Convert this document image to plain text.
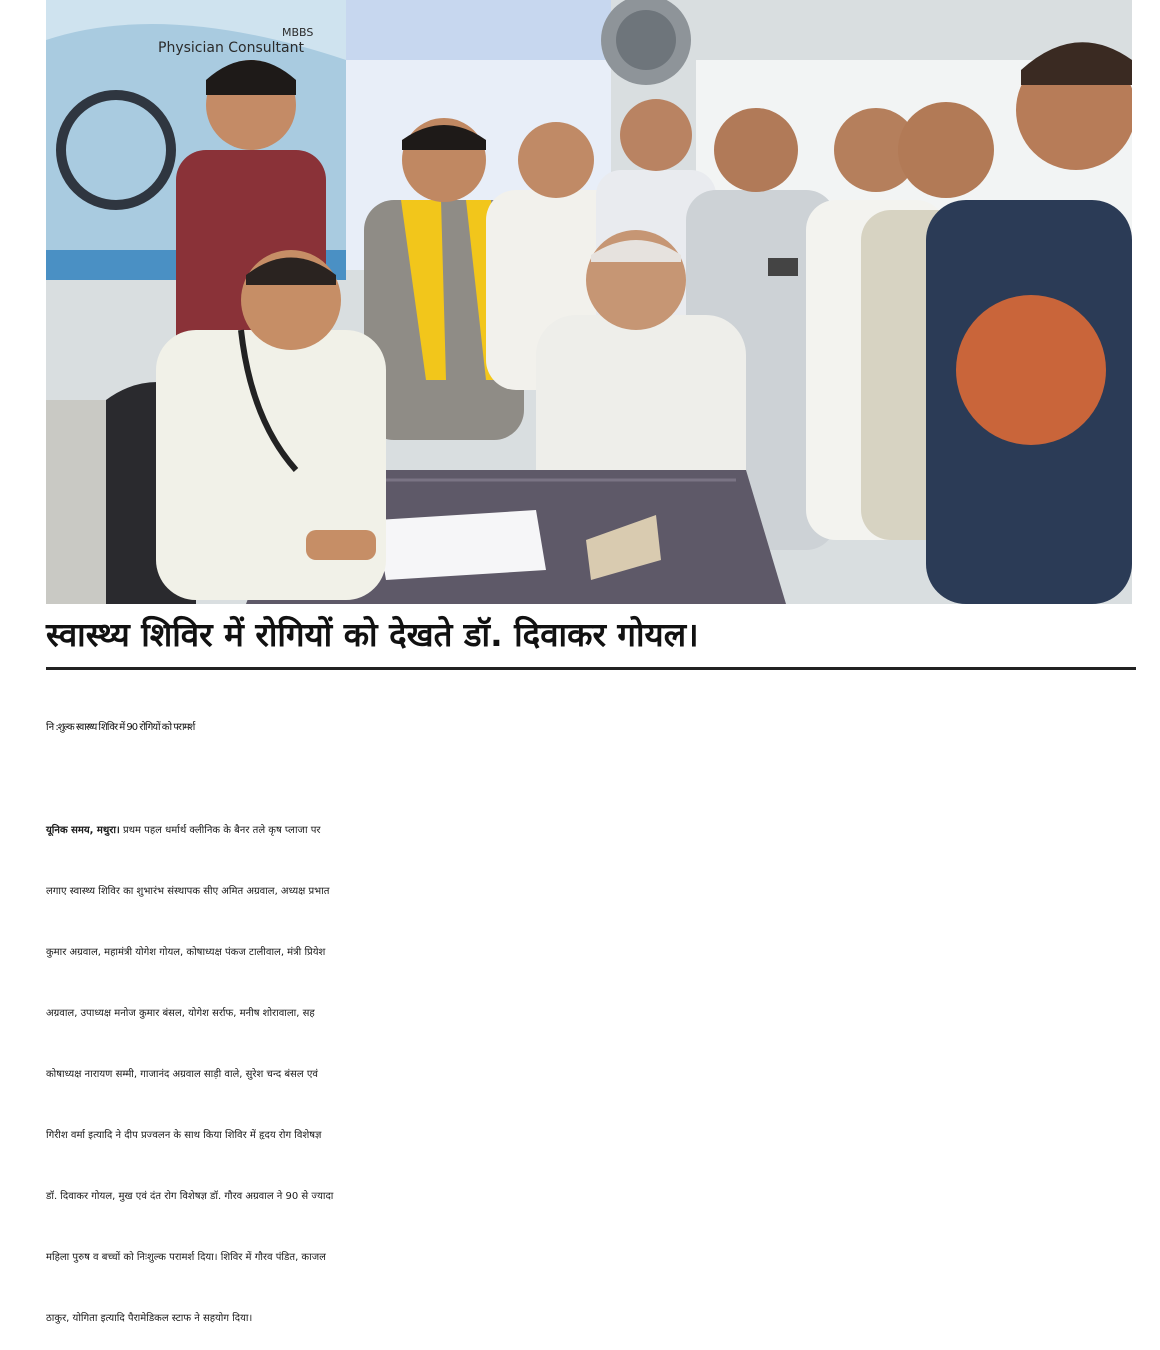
Physician Consultant
MBBS
स्वास्थ्य शिविर में रोगियों को देखते डॉ. दिवाकर गोयल।
नि :शुल्क स्वास्थ्य शिविर में 90 रोगियों को परामर्श
यूनिक समय, मथुरा। प्रथम पहल धर्मार्थ क्लीनिक के बैनर तले कृष प्लाजा पर
लगाए स्वास्थ्य शिविर का शुभारंभ संस्थापक सीए अमित अग्रवाल, अध्यक्ष प्रभात
कुमार अग्रवाल, महामंत्री योगेश गोयल, कोषाध्यक्ष पंकज टालीवाल, मंत्री प्रियेश
अग्रवाल, उपाध्यक्ष मनोज कुमार बंसल, योगेश सर्राफ, मनीष शोरावाला, सह
कोषाध्यक्ष नारायण सम्मी, गाजानंद अग्रवाल साड़ी वाले, सुरेश चन्द बंसल एवं
गिरीश वर्मा इत्यादि ने दीप प्रज्वलन के साथ किया शिविर में हृदय रोग विशेषज्ञ
डॉ. दिवाकर गोयल, मुख एवं दंत रोग विशेषज्ञ डॉ. गौरव अग्रवाल ने 90 से ज्यादा
महिला पुरुष व बच्चों को निःशुल्क परामर्श दिया। शिविर में गौरव पंडित, काजल
ठाकुर, योगिता इत्यादि पैरामेडिकल स्टाफ ने सहयोग दिया।
